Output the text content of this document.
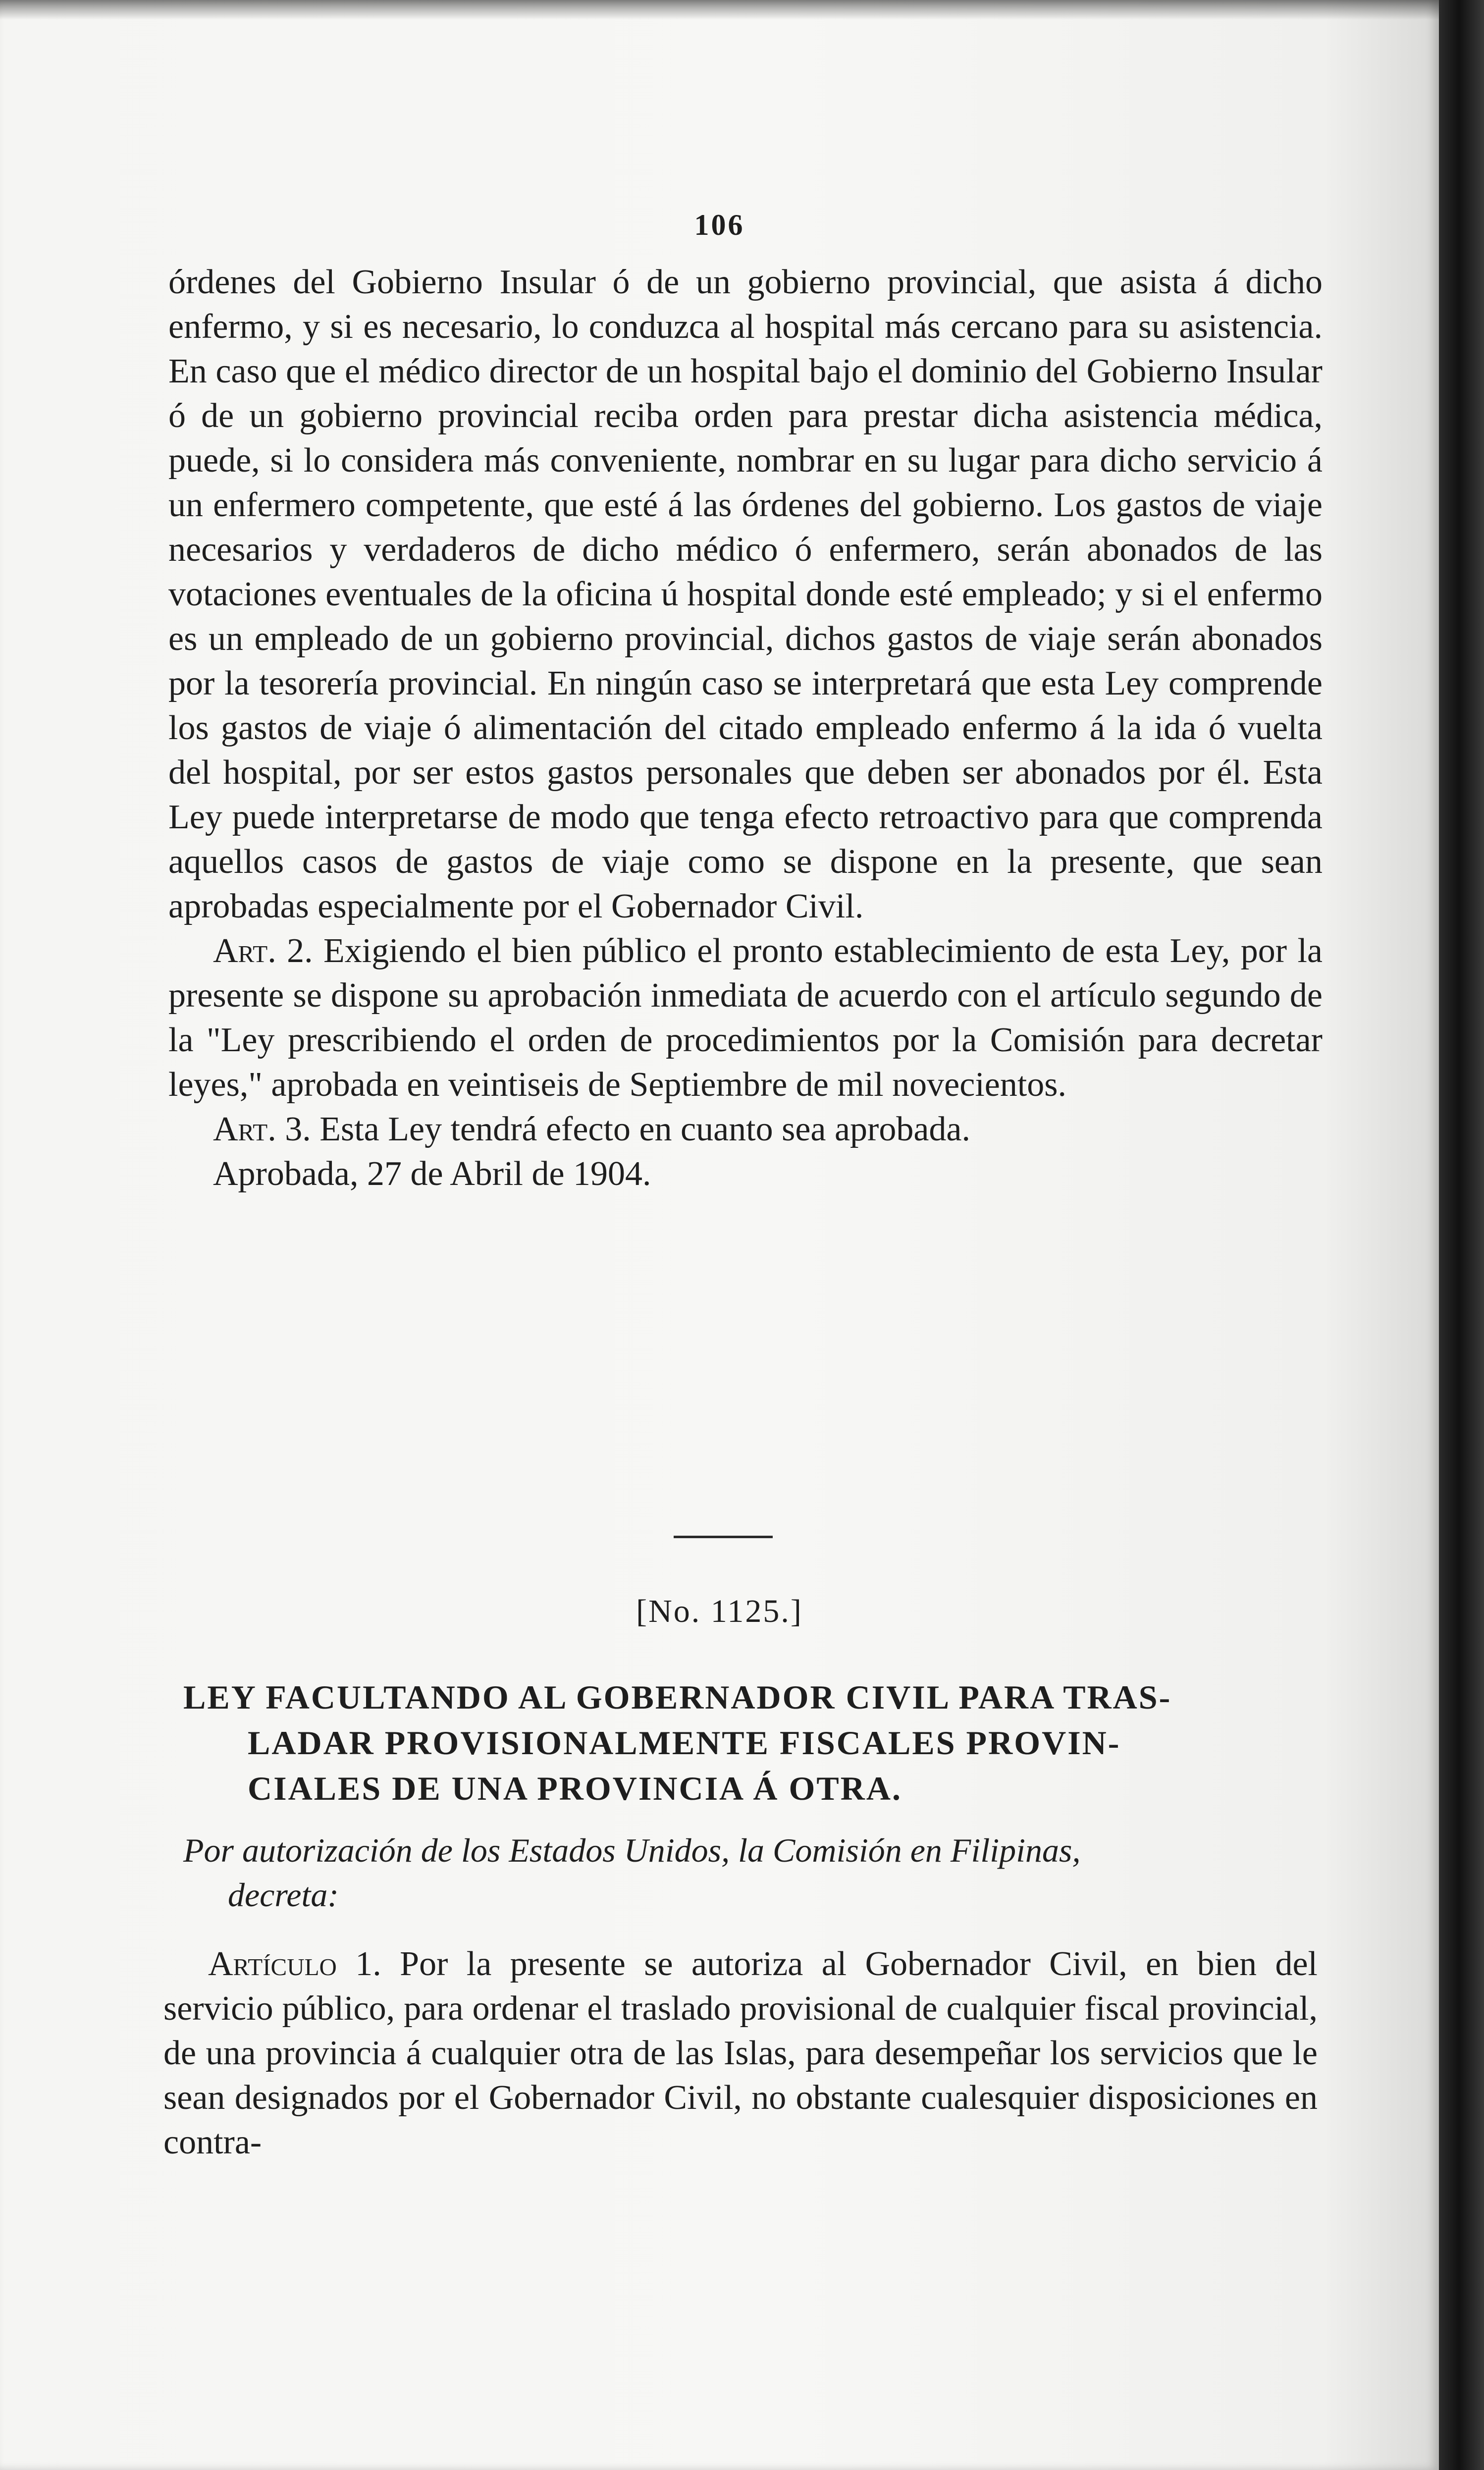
106

órdenes del Gobierno Insular ó de un gobierno provincial, que asista á dicho enfermo, y si es necesario, lo conduzca al hospital más cercano para su asistencia. En caso que el médico director de un hospital bajo el dominio del Gobierno Insular ó de un gobierno provincial reciba orden para prestar dicha asistencia médica, puede, si lo considera más conveniente, nombrar en su lugar para dicho servicio á un enfermero competente, que esté á las órdenes del gobierno. Los gastos de viaje necesarios y verdaderos de dicho médico ó enfermero, serán abonados de las votaciones eventuales de la oficina ú hospital donde esté empleado; y si el enfermo es un empleado de un gobierno provincial, dichos gastos de viaje serán abonados por la tesorería provincial. En ningún caso se interpretará que esta Ley comprende los gastos de viaje ó alimentación del citado empleado enfermo á la ida ó vuelta del hospital, por ser estos gastos personales que deben ser abonados por él. Esta Ley puede interpretarse de modo que tenga efecto retroactivo para que comprenda aquellos casos de gastos de viaje como se dispone en la presente, que sean aprobadas especialmente por el Gobernador Civil.

Art. 2. Exigiendo el bien público el pronto establecimiento de esta Ley, por la presente se dispone su aprobación inmediata de acuerdo con el artículo segundo de la "Ley prescribiendo el orden de procedimientos por la Comisión para decretar leyes," aprobada en veintiseis de Septiembre de mil novecientos.

Art. 3. Esta Ley tendrá efecto en cuanto sea aprobada.

Aprobada, 27 de Abril de 1904.

[No. 1125.]
LEY FACULTANDO AL GOBERNADOR CIVIL PARA TRAS-
LADAR PROVISIONALMENTE FISCALES PROVIN-
CIALES DE UNA PROVINCIA Á OTRA.
Por autorización de los Estados Unidos, la Comisión en Filipinas,
decreta:

Artículo 1. Por la presente se autoriza al Gobernador Civil, en bien del servicio público, para ordenar el traslado provisional de cualquier fiscal provincial, de una provincia á cualquier otra de las Islas, para desempeñar los servicios que le sean designados por el Gobernador Civil, no obstante cualesquier disposiciones en contra-
